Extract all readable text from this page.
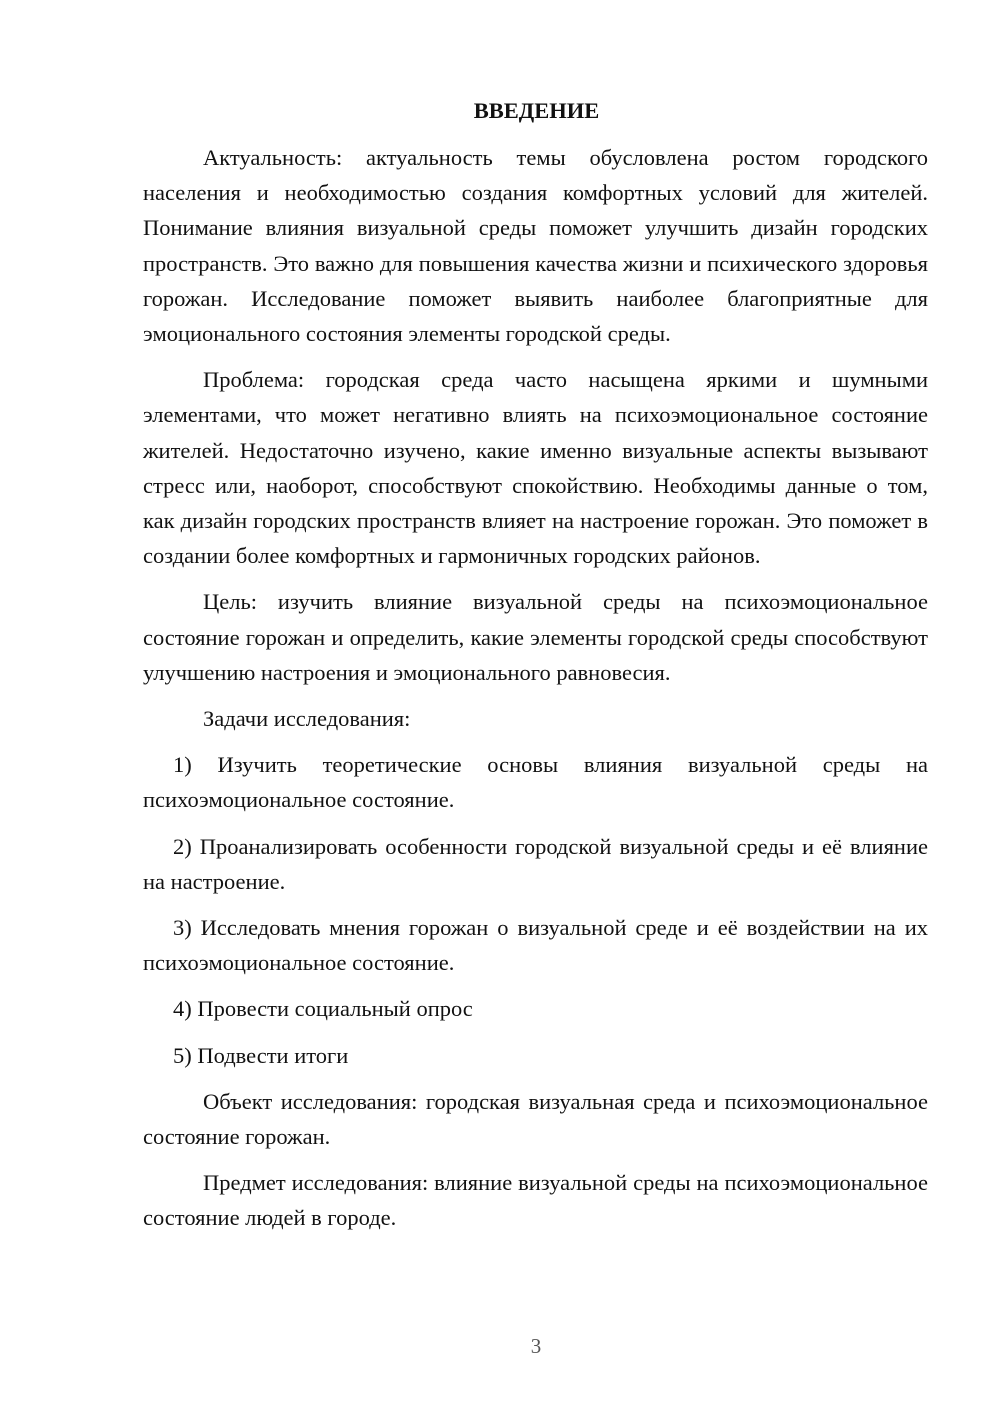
ВВЕДЕНИЕ

Актуальность: актуальность темы обусловлена ростом городского населения и необходимостью создания комфортных условий для жителей. Понимание влияния визуальной среды поможет улучшить дизайн городских пространств. Это важно для повышения качества жизни и психического здоровья горожан. Исследование поможет выявить наиболее благоприятные для эмоционального состояния элементы городской среды.

Проблема: городская среда часто насыщена яркими и шумными элементами, что может негативно влиять на психоэмоциональное состояние жителей. Недостаточно изучено, какие именно визуальные аспекты вызывают стресс или, наоборот, способствуют спокойствию. Необходимы данные о том, как дизайн городских пространств влияет на настроение горожан. Это поможет в создании более комфортных и гармоничных городских районов.

Цель: изучить влияние визуальной среды на психоэмоциональное состояние горожан и определить, какие элементы городской среды способствуют улучшению настроения и эмоционального равновесия.

Задачи исследования:

1) Изучить теоретические основы влияния визуальной среды на психоэмоциональное состояние.

2) Проанализировать особенности городской визуальной среды и её влияние на настроение.

3) Исследовать мнения горожан о визуальной среде и её воздействии на их психоэмоциональное состояние.

4) Провести социальный опрос

5) Подвести итоги

Объект исследования: городская визуальная среда и психоэмоциональное состояние горожан.

Предмет исследования: влияние визуальной среды на психоэмоциональное состояние людей в городе.

3
